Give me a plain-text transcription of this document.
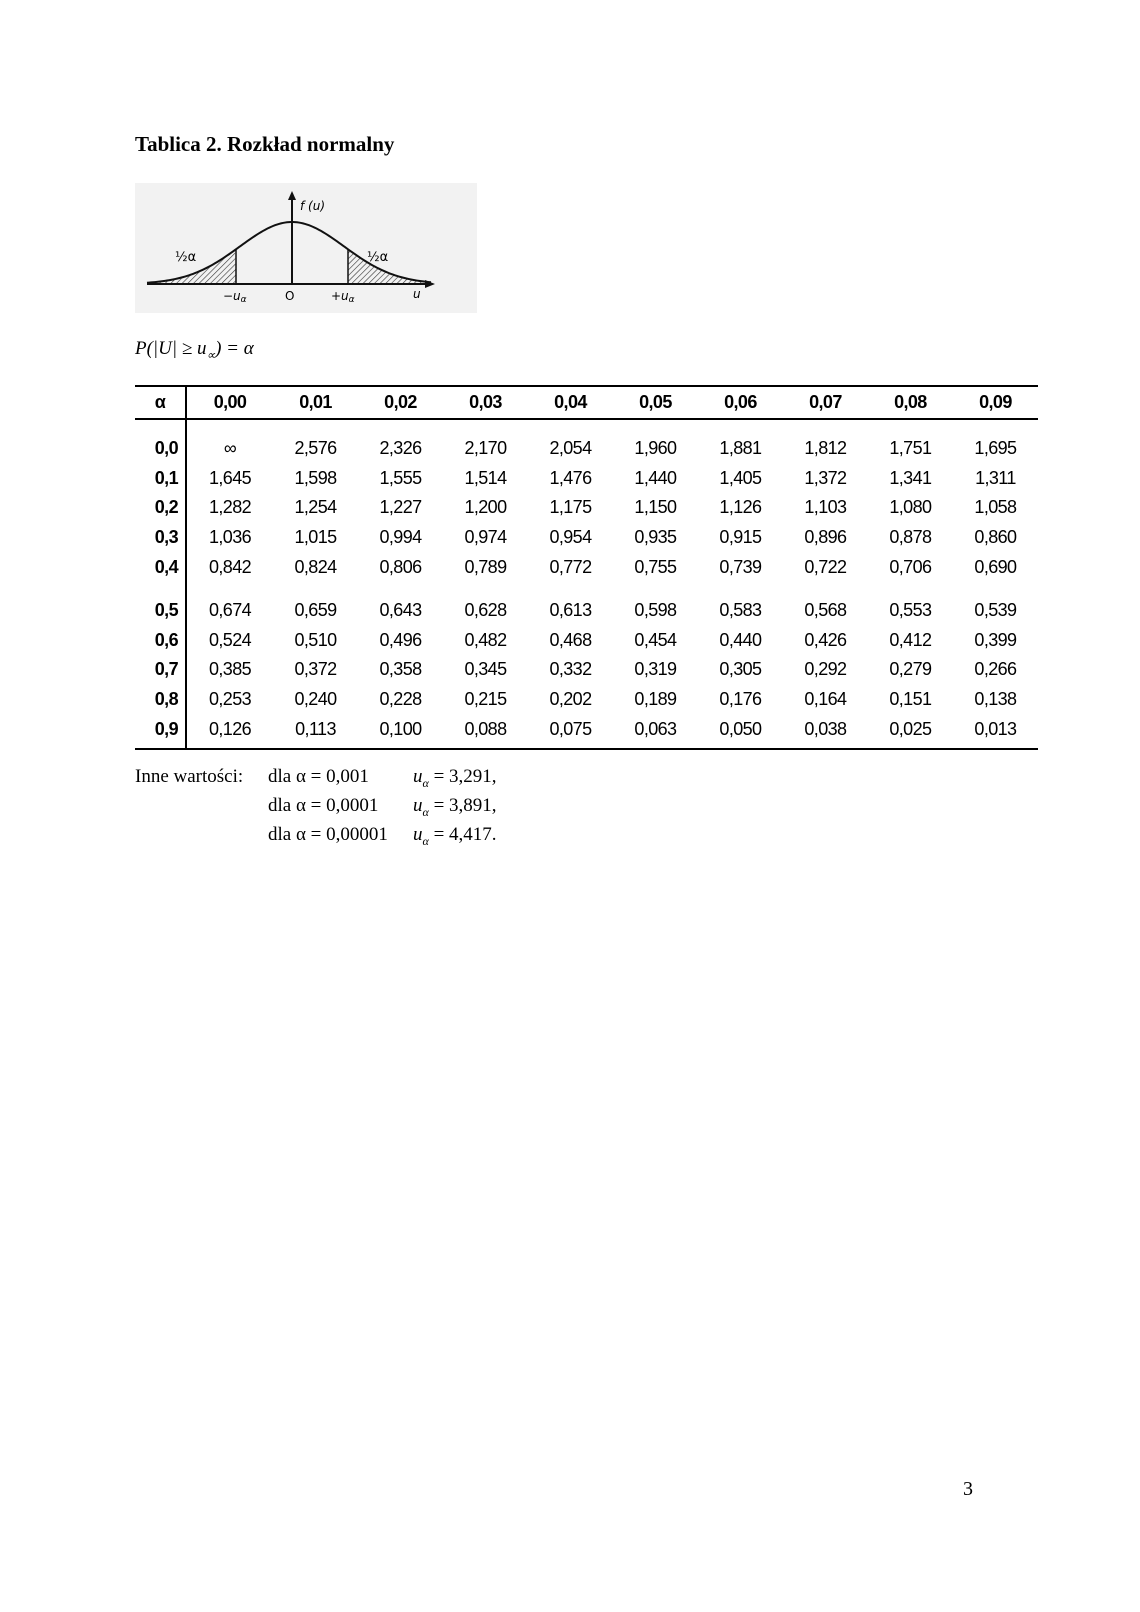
Tablica 2. Rozkład normalny
f (u)
½α	½α
−uα	O	+uα	u
$P(|U| \ge u_\propto) = \alpha$
α	0,00	0,01	0,02	0,03	0,04	0,05	0,06	0,07	0,08	0,09
0,0	∞	2,576	2,326	2,170	2,054	1,960	1,881	1,812	1,751	1,695
0,1	1,645	1,598	1,555	1,514	1,476	1,440	1,405	1,372	1,341	1,311
0,2	1,282	1,254	1,227	1,200	1,175	1,150	1,126	1,103	1,080	1,058
0,3	1,036	1,015	0,994	0,974	0,954	0,935	0,915	0,896	0,878	0,860
0,4	0,842	0,824	0,806	0,789	0,772	0,755	0,739	0,722	0,706	0,690
0,5	0,674	0,659	0,643	0,628	0,613	0,598	0,583	0,568	0,553	0,539
0,6	0,524	0,510	0,496	0,482	0,468	0,454	0,440	0,426	0,412	0,399
0,7	0,385	0,372	0,358	0,345	0,332	0,319	0,305	0,292	0,279	0,266
0,8	0,253	0,240	0,228	0,215	0,202	0,189	0,176	0,164	0,151	0,138
0,9	0,126	0,113	0,100	0,088	0,075	0,063	0,050	0,038	0,025	0,013
Inne wartości: dla α = 0,001 $u_\alpha = 3,291$,
dla α = 0,0001 $u_\alpha = 3,891$,
dla α = 0,00001 $u_\alpha = 4,417$.
3
